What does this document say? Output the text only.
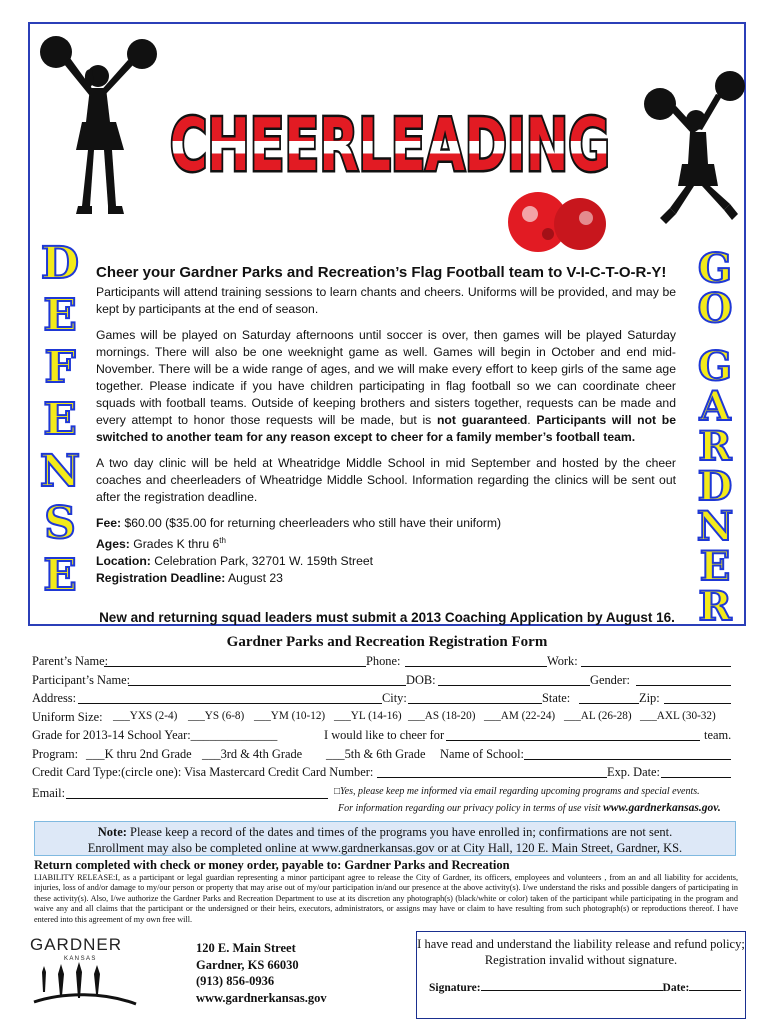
CHEERLEADING
D
E
F
E
N
S
E
G
O
G
A
R
D
N
E
R
Cheer your Gardner Parks and Recreation’s Flag Football team to V-I-C-T-O-R-Y!

Participants will attend training sessions to learn chants and cheers. Uniforms will be provided, and may be kept by participants at the end of season.

Games will be played on Saturday afternoons until soccer is over, then games will be played Saturday mornings. There will also be one weeknight game as well. Games will begin in October and end mid-November. There will be a wide range of ages, and we will make every effort to keep girls of the same age together. Please indicate if you have children participating in flag football so we can coordinate cheer squads with football teams. Outside of keeping brothers and sisters together, requests can be made and every attempt to honor those requests will be made, but is not guaranteed. Participants will not be switched to another team for any reason except to cheer for a family member’s football team.

A two day clinic will be held at Wheatridge Middle School in mid September and hosted by the cheer coaches and cheerleaders of Wheatridge Middle School. Information regarding the clinics will be sent out after the registration deadline.

Fee: $60.00 ($35.00 for returning cheerleaders who still have their uniform)
Ages: Grades K thru 6th
Location: Celebration Park, 32701 W. 159th Street
Registration Deadline: August 23
New and returning squad leaders must submit a 2013 Coaching Application by August 16.
Gardner Parks and Recreation Registration Form
Parent’s Name:	Phone:	Work:
Participant’s Name:	DOB:	Gender:
Address:	City:	State:	Zip:
Uniform Size: ___YXS (2-4) ___YS (6-8) ___YM (10-12) ___YL (14-16) ___AS (18-20) ___AM (22-24) ___AL (26-28) ___AXL (30-32)
Grade for 2013-14 School Year:______________	I would like to cheer for	team.
Program: ___K thru 2nd Grade ___3rd & 4th Grade ___5th & 6th Grade Name of School:
Credit Card Type:(circle one): Visa Mastercard Credit Card Number:	Exp. Date:
Email:	□Yes, please keep me informed via email regarding upcoming programs and special events.
For information regarding our privacy policy in terms of use visit www.gardnerkansas.gov.
Note: Please keep a record of the dates and times of the programs you have enrolled in; confirmations are not sent.
Enrollment may also be completed online at www.gardnerkansas.gov or at City Hall, 120 E. Main Street, Gardner, KS.
Return completed with check or money order, payable to: Gardner Parks and Recreation
LIABILITY RELEASE:I, as a participant or legal guardian representing a minor participant agree to release the City of Gardner, its officers, employees and volunteers , from an and all liability for accidents, injuries, loss of and/or damage to my/our person or property that may arise out of my/our participation in/and our presence at the above activity(s). I/we understand the risks and possible dangers of participating in these activity(s). Also, I/we authorize the Gardner Parks and Recreation Department to use at its discretion any photograph(s) (black/white or color) taken of the participant while participating in the program and waive any and all claims that the participant or the undersigned or their heirs, executors, administrators, or assigns may have or claim to have resulting from such photograph(s) or reproductions thereof. I have entered into this agreement of my own free will.
GARDNER
K A N S A S
120 E. Main Street
Gardner, KS 66030
(913) 856-0936
www.gardnerkansas.gov
I have read and understand the liability release and refund policy;
Registration invalid without signature.
Signature:	Date:
